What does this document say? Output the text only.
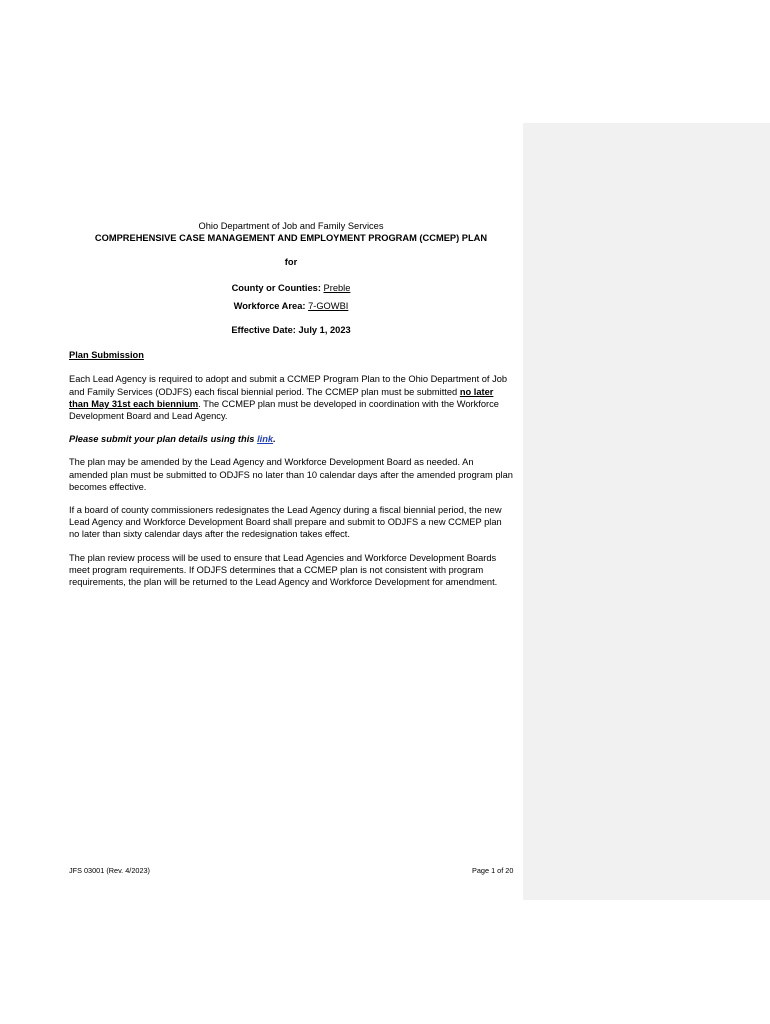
Ohio Department of Job and Family Services
COMPREHENSIVE CASE MANAGEMENT AND EMPLOYMENT PROGRAM (CCMEP) PLAN
for
County or Counties: Preble
Workforce Area: 7-GOWBI
Effective Date: July 1, 2023
Plan Submission

Each Lead Agency is required to adopt and submit a CCMEP Program Plan to the Ohio Department of Job and Family Services (ODJFS) each fiscal biennial period. The CCMEP plan must be submitted no later than May 31st each biennium. The CCMEP plan must be developed in coordination with the Workforce Development Board and Lead Agency.

Please submit your plan details using this link.

The plan may be amended by the Lead Agency and Workforce Development Board as needed. An amended plan must be submitted to ODJFS no later than 10 calendar days after the amended program plan becomes effective.

If a board of county commissioners redesignates the Lead Agency during a fiscal biennial period, the new Lead Agency and Workforce Development Board shall prepare and submit to ODJFS a new CCMEP plan no later than sixty calendar days after the redesignation takes effect.

The plan review process will be used to ensure that Lead Agencies and Workforce Development Boards meet program requirements. If ODJFS determines that a CCMEP plan is not consistent with program requirements, the plan will be returned to the Lead Agency and Workforce Development for amendment.

JFS 03001 (Rev. 4/2023)	Page 1 of 20
